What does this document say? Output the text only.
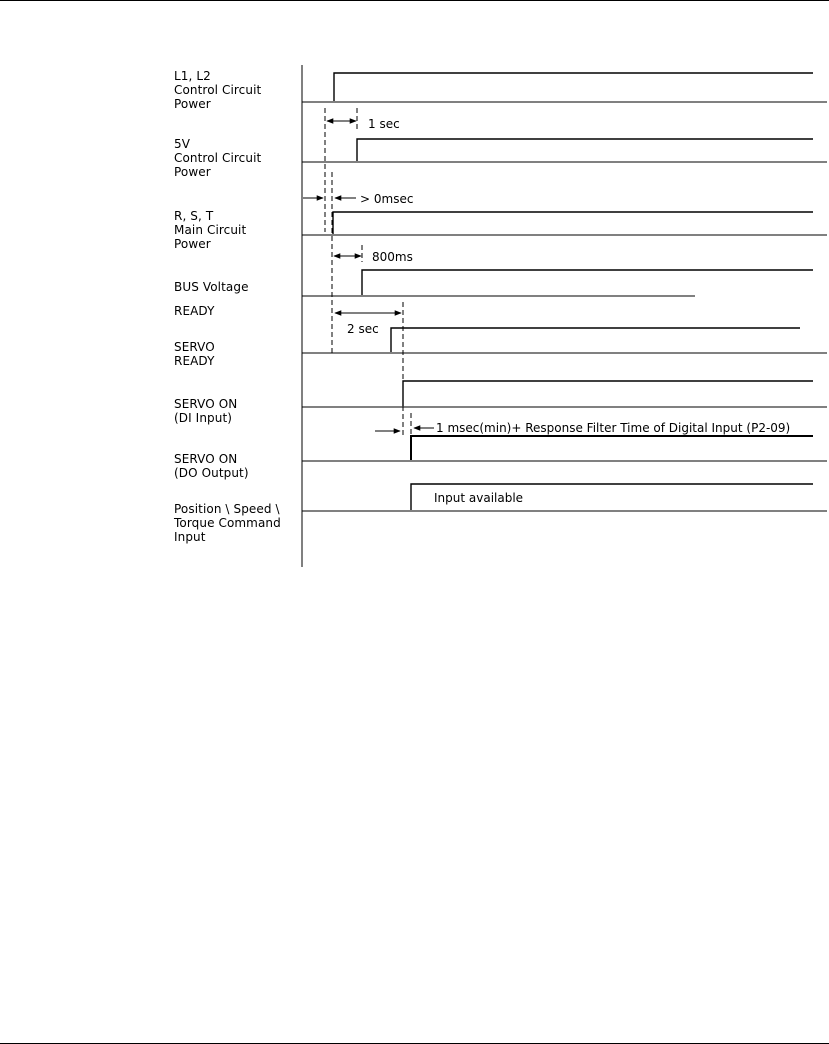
L1, L2
Control Circuit
Power
5V
Control Circuit
Power
R, S, T
Main Circuit
Power
BUS Voltage
READY
SERVO
READY
SERVO ON
(DI Input)
SERVO ON
(DO Output)
Position \ Speed \
Torque Command
Input
1 sec
> 0msec
800ms
2 sec
1 msec(min)+ Response Filter Time of Digital Input (P2-09)
Input available
